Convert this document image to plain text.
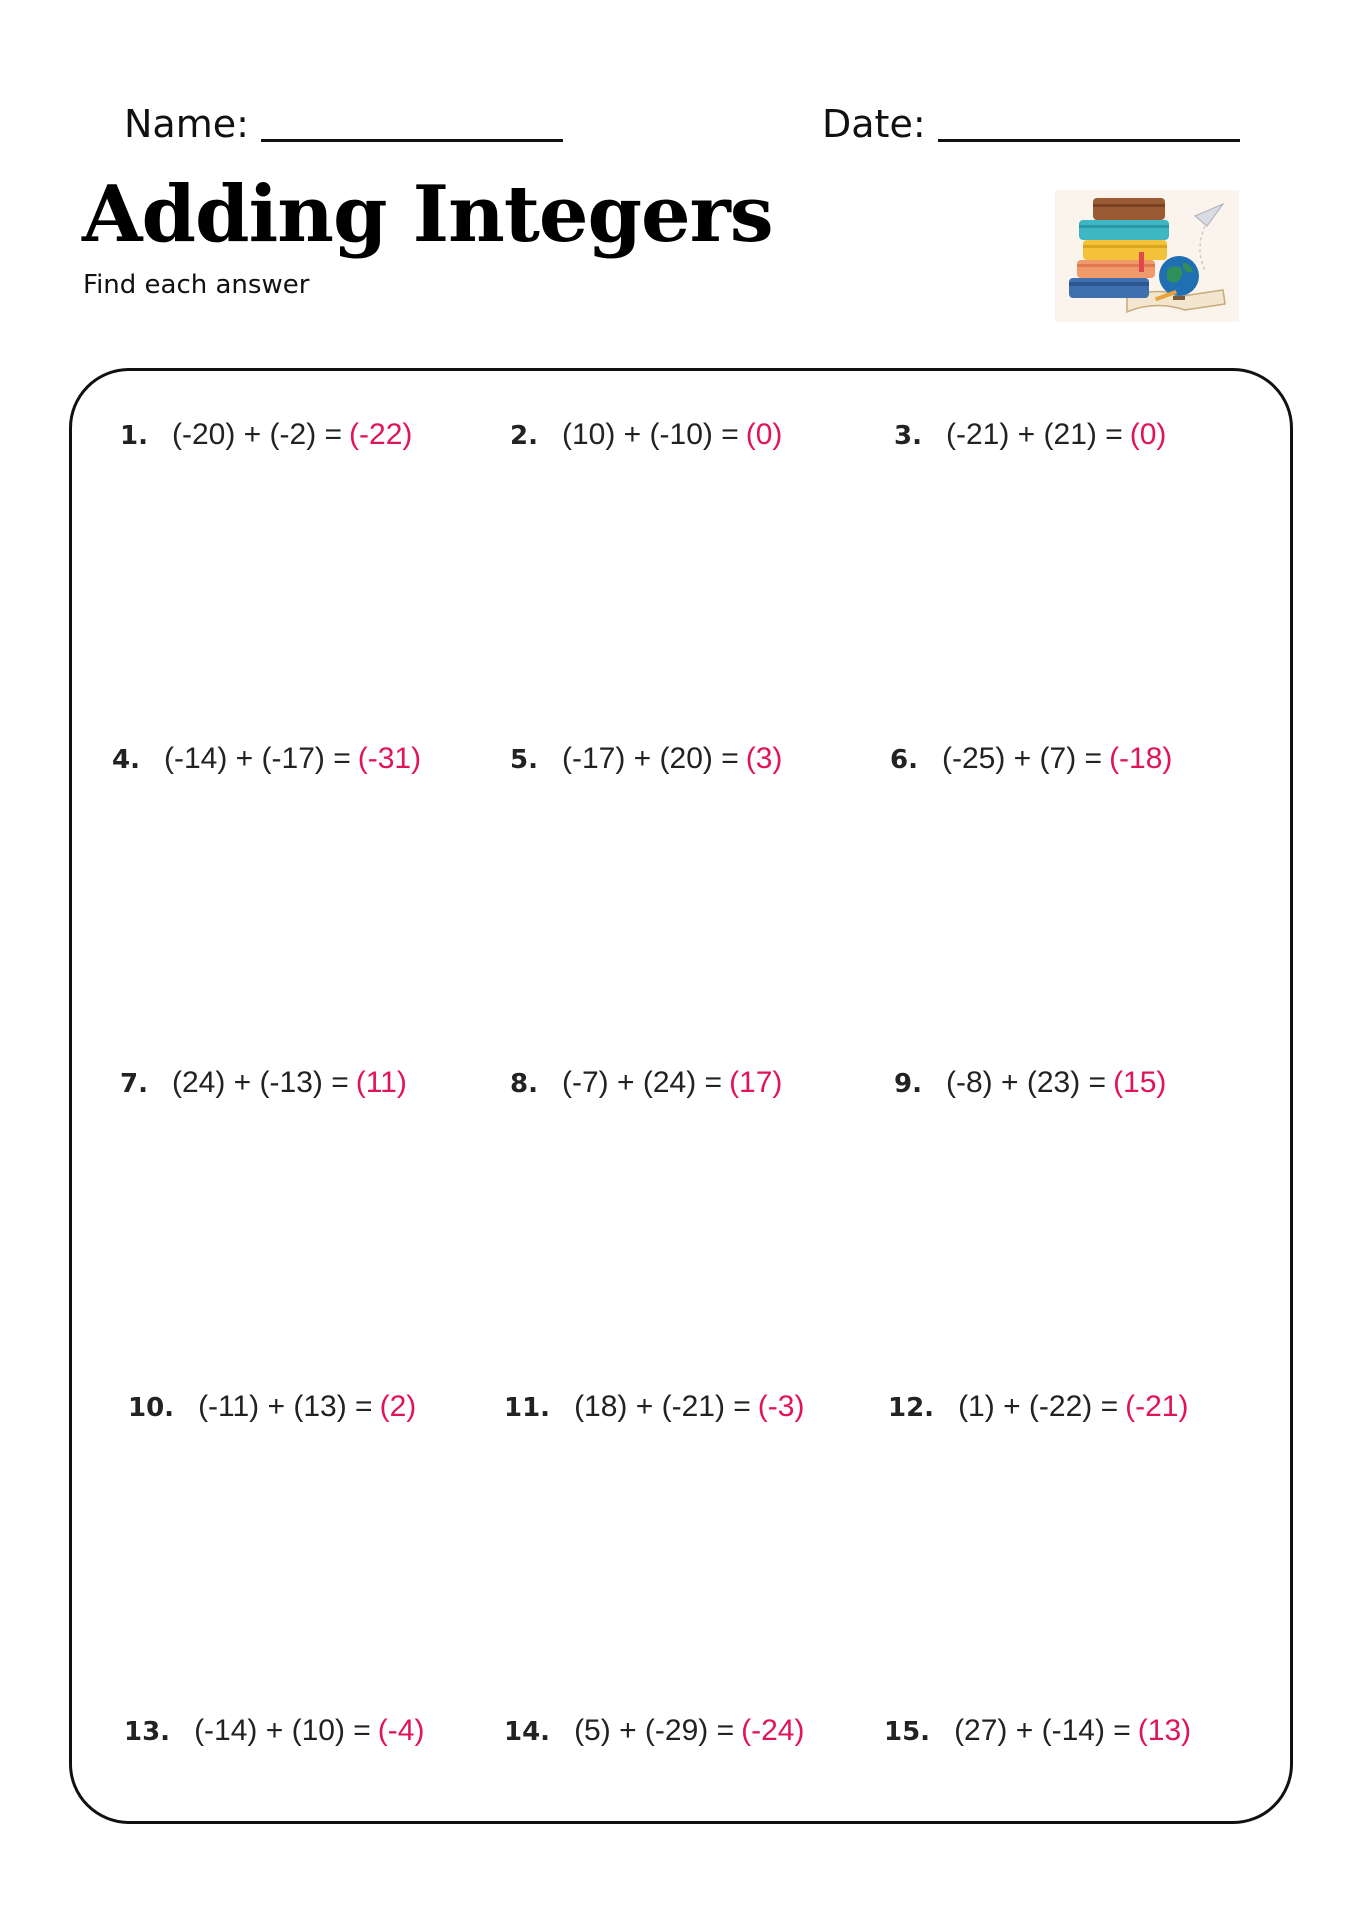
Name:	Date:
Adding Integers
Find each answer
1. (-20) + (-2) = (-22)	2. (10) + (-10) = (0)	3. (-21) + (21) = (0)
4. (-14) + (-17) = (-31)	5. (-17) + (20) = (3)	6. (-25) + (7) = (-18)
7. (24) + (-13) = (11)	8. (-7) + (24) = (17)	9. (-8) + (23) = (15)
10. (-11) + (13) = (2)	11. (18) + (-21) = (-3)	12. (1) + (-22) = (-21)
13. (-14) + (10) = (-4)	14. (5) + (-29) = (-24)	15. (27) + (-14) = (13)
